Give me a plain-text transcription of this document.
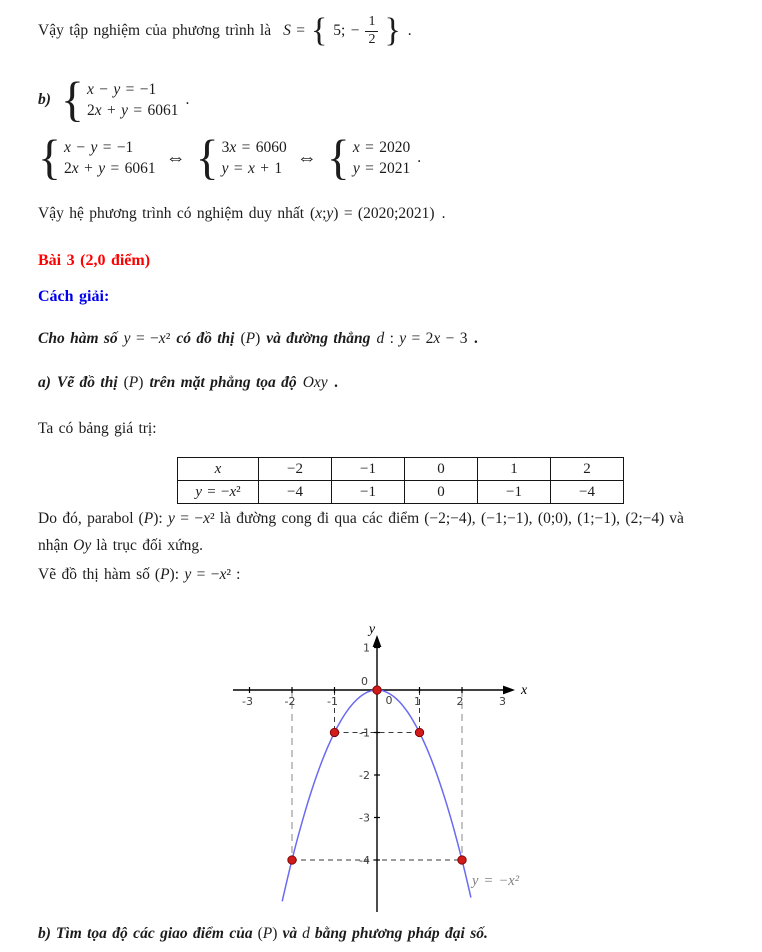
Vậy tập nghiệm của phương trình là S = { 5; − $\frac{1}{2}$ } .
b) { x − y = −1
2x + y = 6061
.
{ x − y = −1
2x + y = 6061 ⇔ { 3x = 6060
y = x + 1 ⇔ { x = 2020
y = 2021
.
Vậy hệ phương trình có nghiệm duy nhất (x;y) = (2020;2021) .
Bài 3 (2,0 điểm)
Cách giải:
Cho hàm số y = −x² có đồ thị (P) và đường thẳng d : y = 2x − 3 .
a) Vẽ đồ thị (P) trên mặt phẳng tọa độ Oxy .
Ta có bảng giá trị:
x	−2	−1	0	1	2
y = −x²	−4	−1	0	−1	−4
Do đó, parabol (P): y = −x² là đường cong đi qua các điểm (−2;−4), (−1;−1), (0;0), (1;−1), (2;−4) và
nhận Oy là trục đối xứng.
Vẽ đồ thị hàm số (P): y = −x² :
-3	-2	-1	1	2	3
1
-1
-2
-3
-4
0
0
x
y
y = −x²
b) Tìm tọa độ các giao điểm của (P) và d bằng phương pháp đại số.
